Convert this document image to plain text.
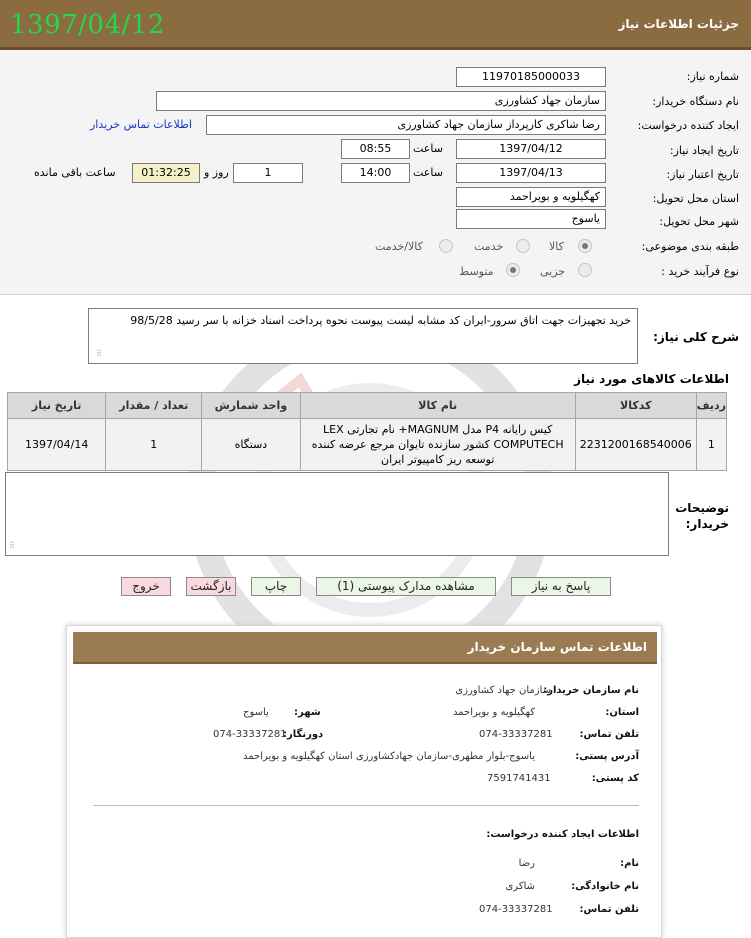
1397/04/12	جزئیات اطلاعات نیاز
شماره نیاز:
1197018500003​3
نام دستگاه خریدار:
سازمان جهاد کشاورزی
ایجاد کننده درخواست:
رضا شاکری کارپرداز سازمان جهاد کشاورزی
اطلاعات تماس خریدار
تاریخ ایجاد نیاز:
1397/04/12
ساعت
08:55
تاریخ اعتبار نیاز:
1397/04/13
ساعت
14:00
1
روز و
01:32:25
ساعت باقی مانده
استان محل تحویل:
کهگیلویه و بویراحمد
شهر محل تحویل:
یاسوج
طبقه بندی موضوعی:
کالا
خدمت
کالا/خدمت
نوع فرآیند خرید :
جزیی
متوسط
شرح کلی نیاز:
خرید تجهیزات جهت اتاق سرور-ایران کد مشابه لیست پیوست نحوه پرداخت اسناد خزانه با سر رسید 98/5/28
⠿
اطلاعات کالاهای مورد نیاز
ردیف	کدکالا	نام کالا	واحد شمارش	تعداد / مقدار	تاریخ نیاز
1	2231200168540006	کیس رایانه P4 مدل MAGNUM+ نام تجارتی LEX COMPUTECH کشور سازنده تایوان مرجع عرضه کننده توسعه ریز کامپیوتر ایران	دستگاه	1	1397/04/14
توضیحات خریدار:
⠿
پاسخ به نیاز
مشاهده مدارک پیوستی (1)
چاپ
بازگشت
خروج
اطلاعات تماس سازمان خریدار
نام سازمان خریدار:
سازمان جهاد کشاورزی
استان:
کهگیلویه و بویراحمد
شهر:
یاسوج
تلفن تماس:
074-33337281
دورنگار:
074-33337281
آدرس پستی:
یاسوج-بلوار مطهری-سازمان جهادکشاورزی استان کهگیلویه و بویراحمد
کد پستی:
7591741431
اطلاعات ایجاد کننده درخواست:
نام:
رضا
نام خانوادگی:
شاکری
تلفن تماس:
074-33337281
